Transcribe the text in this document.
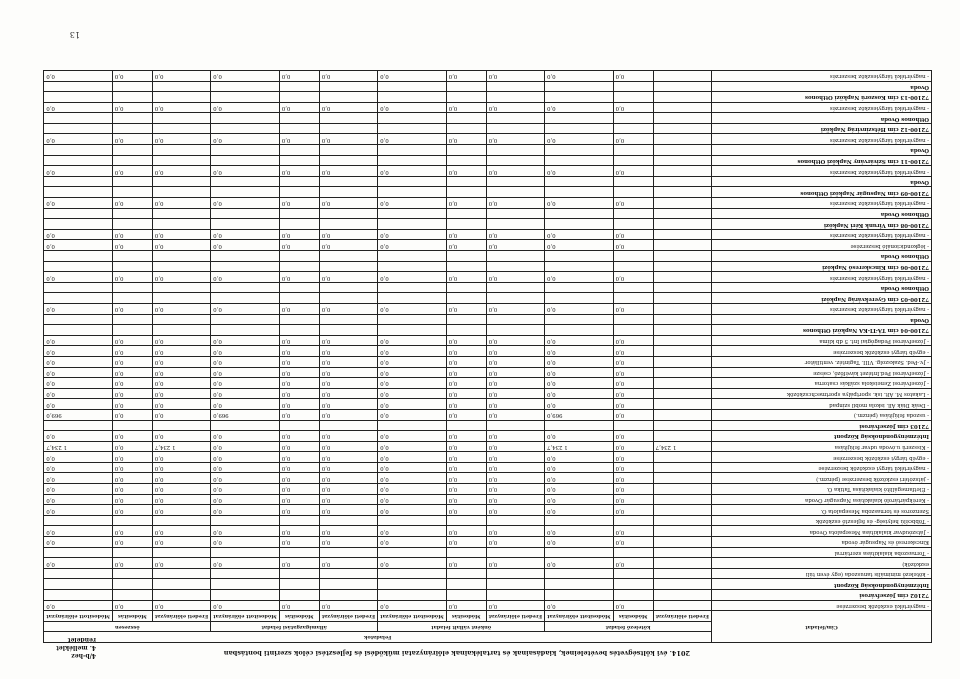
2014. évi költségvetés bevételeinek, kiadásainak és tartalékainak előirányzatai működési és fejlesztési célok szerinti bontásban
4/b-hez
4. melléklet
rendelet
Cím/feladat	Feladatok											
	kötelező feladat			önként vállalt feladat			államigazgatási feladat			összesen		
	Eredeti előirányzat	Módosítás	Módosított előirányzat	Eredeti előirányzat	Módosítás	Módosított előirányzat	Eredeti előirányzat	Módosítás	Módosított előirányzat	Eredeti előirányzat	Módosítás	Módosított előirányzat
- nagyértékű eszközök beszerzése		0,0	0,0	0,0	0,0	0,0	0,0	0,0	0,0	0,0	0,0	0,0
72102 cím Józsefvárosi												
Intézménygondnokság Központ												
- kötelező minimális tanuszoda (egy éven túli												
eszközök)		0,0	0,0	0,0	0,0	0,0	0,0	0,0	0,0	0,0	0,0	0,0
- Tornaszoba kialakítása szertárral												
Kincskereső és Napsugár óvoda		0,0	0,0	0,0	0,0	0,0	0,0	0,0	0,0	0,0	0,0	0,0
- Játszóudvar kialakítása Mesepalota Óvoda		0,0	0,0	0,0	0,0	0,0	0,0	0,0	0,0	0,0	0,0	0,0
- Többcélú helyiség- és fejlesztő eszközök												
Szenzoros és tornaszoba Mesepalota Ó.		0,0	0,0	0,0	0,0	0,0	0,0	0,0	0,0	0,0	0,0	0,0
- Kerékpártároló kialakítása Napsugár Óvoda		0,0	0,0	0,0	0,0	0,0	0,0	0,0	0,0	0,0	0,0	0,0
- Életfamegállító kialakítása Tatika Ó.		0,0	0,0	0,0	0,0	0,0	0,0	0,0	0,0	0,0	0,0	0,0
- játszótéri eszközök beszerzése (pénzm.)		0,0	0,0	0,0	0,0	0,0	0,0	0,0	0,0	0,0	0,0	0,0
- nagyértékű tárgyi eszközök beszerzése		0,0	0,0	0,0	0,0	0,0	0,0	0,0	0,0	0,0	0,0	0,0
- egyéb tárgyi eszközök beszerzése		0,0	0,0	0,0	0,0	0,0	0,0	0,0	0,0	0,0	0,0	0,0
- Kisszerű u.óvoda udvar felújítása	1 234,7	0,0	1 234,7	0,0	0,0	0,0	0,0	0,0	0,0	1 234,7	0,0	1 234,7
Intézménygondnokság Központ		0,0	0,0	0,0	0,0	0,0	0,0	0,0	0,0	0,0	0,0	0,0
72103 cím Józsefvárosi												
- uszoda felújítása (pénzm.)		0,0	969,0	0,0	0,0	0,0	0,0	0,0	969,0	0,0	0,0	969,0
- Deák Diák Áll. iskola mobil színpad		0,0	0,0	0,0	0,0	0,0	0,0	0,0	0,0	0,0	0,0	0,0
- Lakatos M. Ált. isk. sportpálya sportmechcszközök		0,0	0,0	0,0	0,0	0,0	0,0	0,0	0,0	0,0	0,0	0,0
- Józsefvárosi Zeneiskola szálkás csatorna		0,0	0,0	0,0	0,0	0,0	0,0	0,0	0,0	0,0	0,0	0,0
- Józsefvárosi Ped.Intézet kávéfőző, csésze		0,0	0,0	0,0	0,0	0,0	0,0	0,0	0,0	0,0	0,0	0,0
- Jv.-Ped. Szakszolg. VIII. Tagintéz. ventillátor		0,0	0,0	0,0	0,0	0,0	0,0	0,0	0,0	0,0	0,0	0,0
- egyéb tárgyi eszközök beszerzése		0,0	0,0	0,0	0,0	0,0	0,0	0,0	0,0	0,0	0,0	0,0
- Józsefvárosi Pedagógiai Int. 5 db klíma		0,0	0,0	0,0	0,0	0,0	0,0	0,0	0,0	0,0	0,0	0,0
72100-04 cím TÁ-TI-KA Napközi Otthonos												
Óvoda												
- nagyértékű tárgyieszköz beszerzés		0,0	0,0	0,0	0,0	0,0	0,0	0,0	0,0	0,0	0,0	0,0
72100-05 cím Gyerekvárág Napközi												
Otthonos Óvoda												
- nagyértékű tárgyieszköz beszerzés		0,0	0,0	0,0	0,0	0,0	0,0	0,0	0,0	0,0	0,0	0,0
72100-06 cím Kincskereső Napközi												
Otthonos Óvoda												
- légkondicionáló beszerzése		0,0	0,0	0,0	0,0	0,0	0,0	0,0	0,0	0,0	0,0	0,0
- nagyértékű tárgyieszköz beszerzés		0,0	0,0	0,0	0,0	0,0	0,0	0,0	0,0	0,0	0,0	0,0
72100-08 cím Virunk Kéri Napközi												
Otthonos Óvoda												
- nagyértékű tárgyieszköz beszerzés		0,0	0,0	0,0	0,0	0,0	0,0	0,0	0,0	0,0	0,0	0,0
72100-09 cím Napsugár Napközi Otthonos												
Óvoda												
- nagyértékű tárgyieszköz beszerzés		0,0	0,0	0,0	0,0	0,0	0,0	0,0	0,0	0,0	0,0	0,0
72100-11 cím Szivárvány Napközi Otthonos												
Óvoda												
- nagyértékű tárgyieszköz beszerzés		0,0	0,0	0,0	0,0	0,0	0,0	0,0	0,0	0,0	0,0	0,0
72100-12 cím Hétszínvirág Napközi												
Otthonos Óvoda												
- nagyértékű tárgyieszköz beszerzés		0,0	0,0	0,0	0,0	0,0	0,0	0,0	0,0	0,0	0,0	0,0
72100-13 cím Koszorú Napközi Otthonos												
Óvoda												
- nagyértékű tárgyieszköz beszerzés		0,0	0,0	0,0	0,0	0,0	0,0	0,0	0,0	0,0	0,0	0,0
13
